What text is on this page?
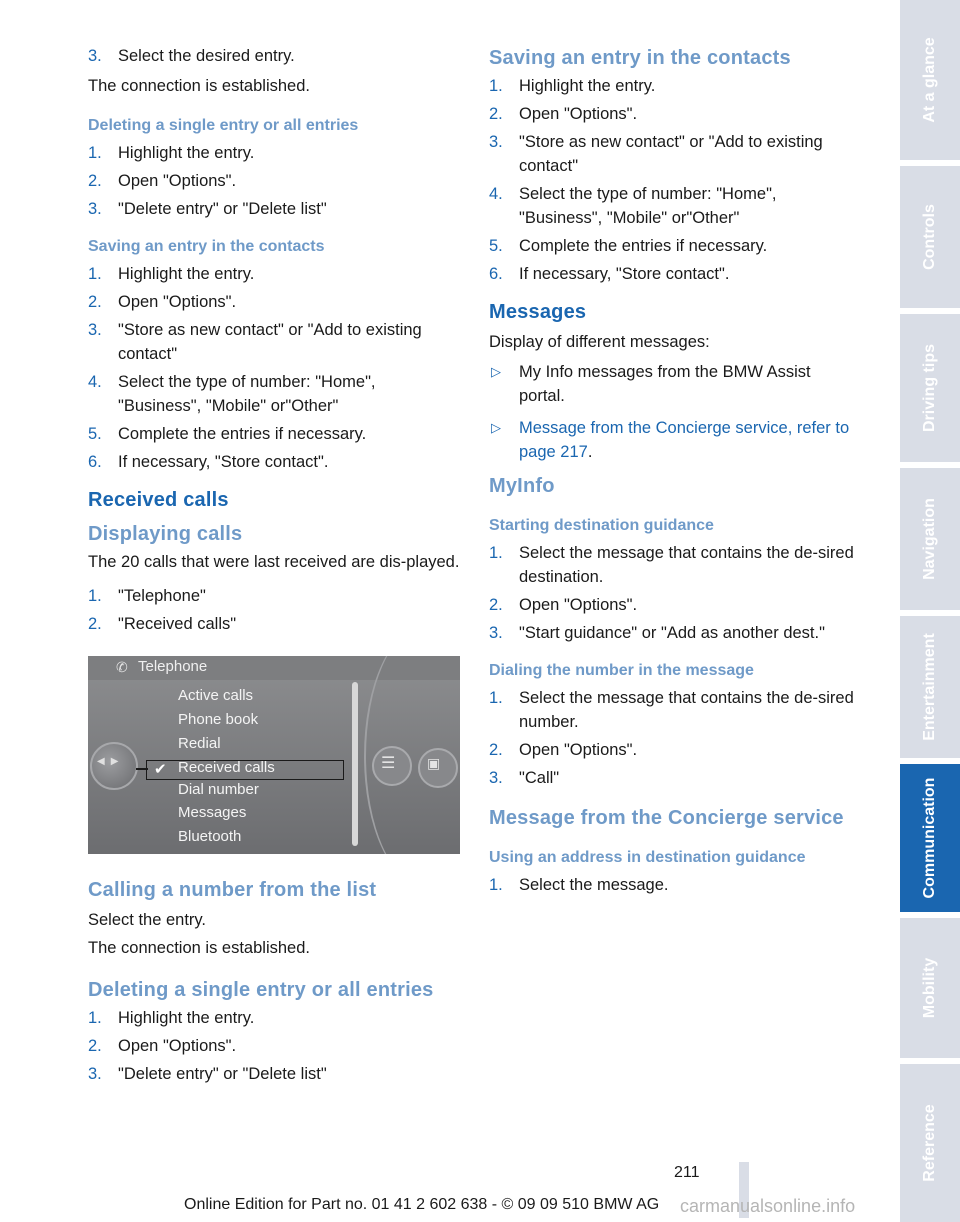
3. Select the desired entry.

The connection is established.

Deleting a single entry or all entries
1. Highlight the entry.
2. Open "Options".
3. "Delete entry" or "Delete list"
Saving an entry in the contacts
1. Highlight the entry.
2. Open "Options".
3. "Store as new contact" or "Add to existing contact"
4. Select the type of number: "Home", "Business", "Mobile" or"Other"
5. Complete the entries if necessary.
6. If necessary, "Store contact".
Received calls
Displaying calls

The 20 calls that were last received are dis-played.

1. "Telephone"
2. "Received calls"
✆ Telephone
◀▶
Active calls
Phone book
Redial
✔ Received calls
Dial number
Messages
Bluetooth
☰ ▣
Calling a number from the list

Select the entry.

The connection is established.

Deleting a single entry or all entries
1. Highlight the entry.
2. Open "Options".
3. "Delete entry" or "Delete list"
Saving an entry in the contacts
1. Highlight the entry.
2. Open "Options".
3. "Store as new contact" or "Add to existing contact"
4. Select the type of number: "Home", "Business", "Mobile" or"Other"
5. Complete the entries if necessary.
6. If necessary, "Store contact".
Messages

Display of different messages:

▷ My Info messages from the BMW Assist portal.
▷ Message from the Concierge service, refer to page 217.
MyInfo
Starting destination guidance
1. Select the message that contains the de-sired destination.
2. Open "Options".
3. "Start guidance" or "Add as another dest."
Dialing the number in the message
1. Select the message that contains the de-sired number.
2. Open "Options".
3. "Call"
Message from the Concierge service
Using an address in destination guidance
1. Select the message.
At a glance
Controls
Driving tips
Navigation
Entertainment
Communication
Mobility
Reference
211
Online Edition for Part no. 01 41 2 602 638 - © 09 09 510 BMW AG carmanualsonline.info
